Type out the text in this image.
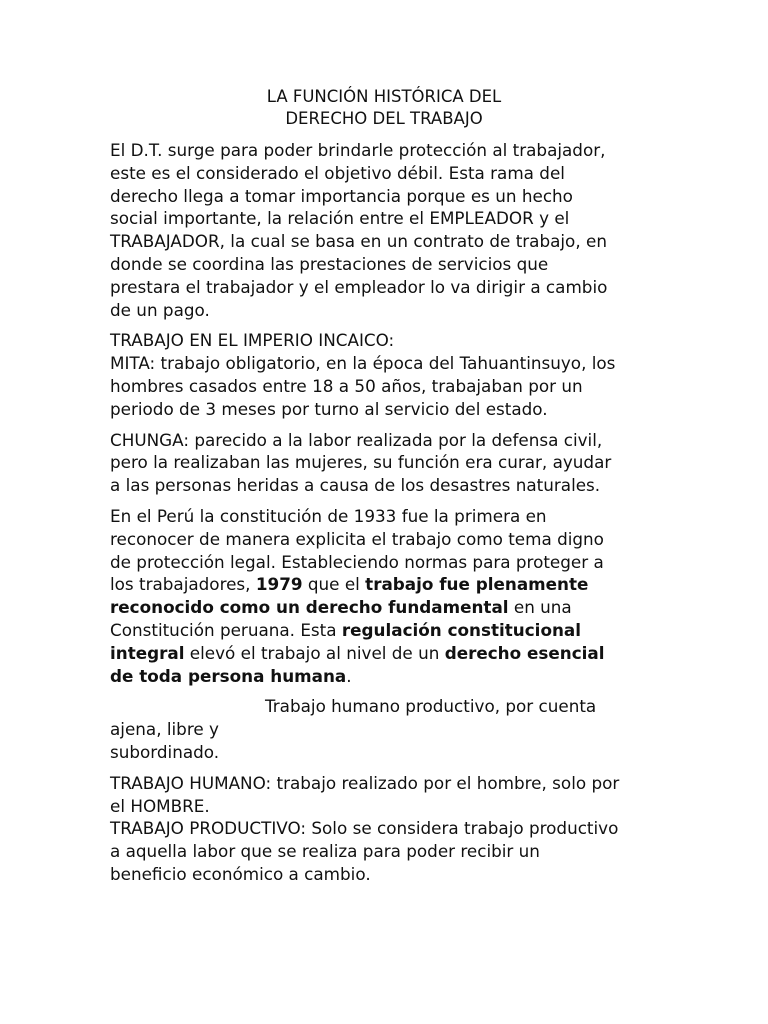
LA FUNCIÓN HISTÓRICA DEL
DERECHO DEL TRABAJO

El D.T. surge para poder brindarle protección al trabajador,
este es el considerado el objetivo débil. Esta rama del
derecho llega a tomar importancia porque es un hecho
social importante, la relación entre el EMPLEADOR y el
TRABAJADOR, la cual se basa en un contrato de trabajo, en
donde se coordina las prestaciones de servicios que
prestara el trabajador y el empleador lo va dirigir a cambio
de un pago.

TRABAJO EN EL IMPERIO INCAICO:
MITA: trabajo obligatorio, en la época del Tahuantinsuyo, los
hombres casados entre 18 a 50 años, trabajaban por un
periodo de 3 meses por turno al servicio del estado.

CHUNGA: parecido a la labor realizada por la defensa civil,
pero la realizaban las mujeres, su función era curar, ayudar
a las personas heridas a causa de los desastres naturales.

En el Perú la constitución de 1933 fue la primera en
reconocer de manera explicita el trabajo como tema digno
de protección legal. Estableciendo normas para proteger a
los trabajadores, 1979 que el trabajo fue plenamente
reconocido como un derecho fundamental en una
Constitución peruana. Esta regulación constitucional
integral elevó el trabajo al nivel de un derecho esencial
de toda persona humana.

Trabajo humano productivo, por cuenta
ajena, libre y
subordinado.

TRABAJO HUMANO: trabajo realizado por el hombre, solo por
el HOMBRE.
TRABAJO PRODUCTIVO: Solo se considera trabajo productivo
a aquella labor que se realiza para poder recibir un
beneficio económico a cambio.
